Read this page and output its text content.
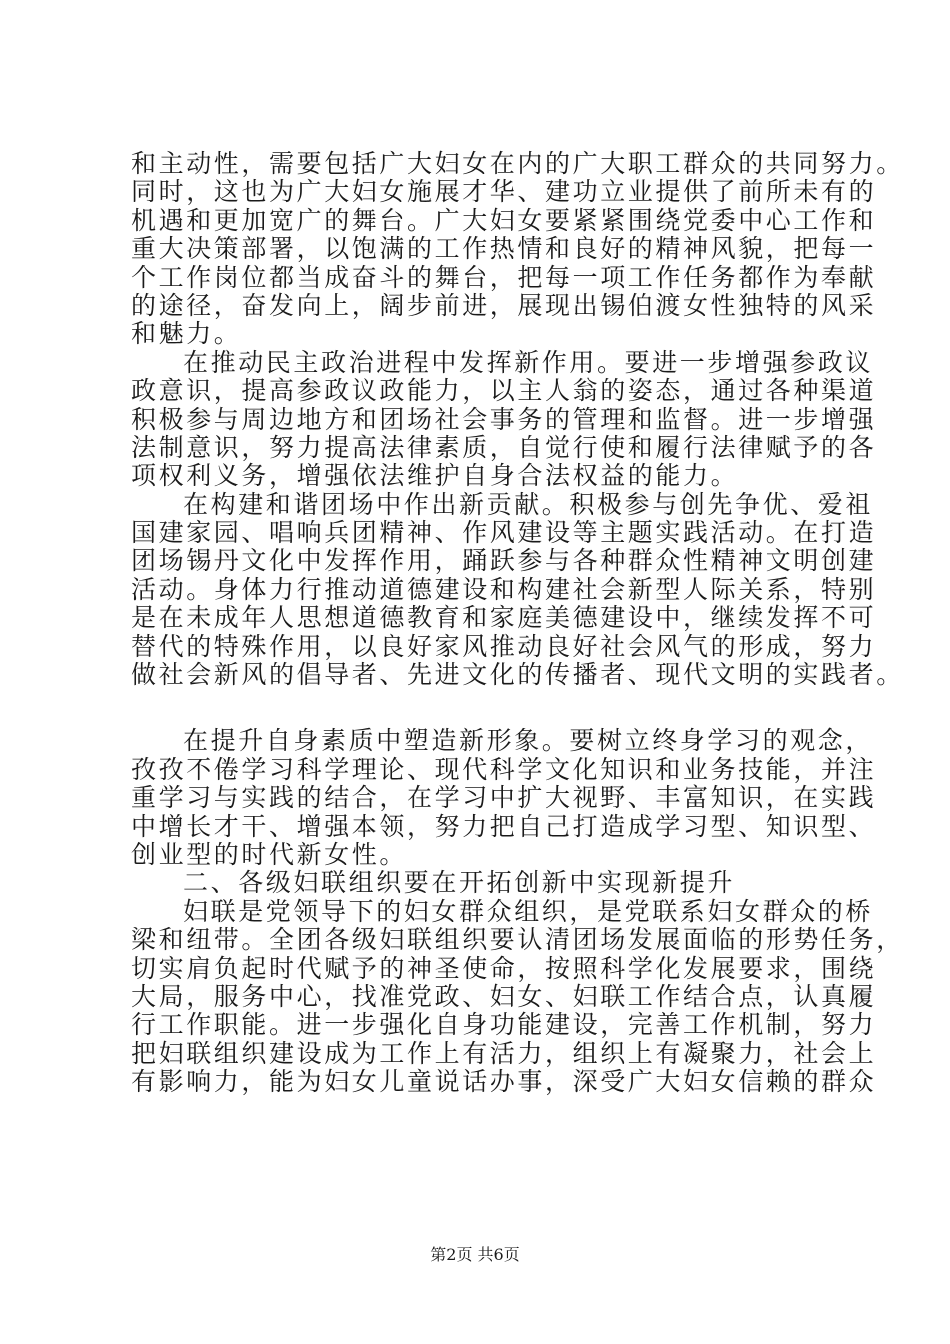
和主动性，需要包括广大妇女在内的广大职工群众的共同努力。
同时，这也为广大妇女施展才华、建功立业提供了前所未有的
机遇和更加宽广的舞台。广大妇女要紧紧围绕党委中心工作和
重大决策部署，以饱满的工作热情和良好的精神风貌，把每一
个工作岗位都当成奋斗的舞台，把每一项工作任务都作为奉献
的途径，奋发向上，阔步前进，展现出锡伯渡女性独特的风采
和魅力。
在推动民主政治进程中发挥新作用。要进一步增强参政议
政意识，提高参政议政能力，以主人翁的姿态，通过各种渠道
积极参与周边地方和团场社会事务的管理和监督。进一步增强
法制意识，努力提高法律素质，自觉行使和履行法律赋予的各
项权利义务，增强依法维护自身合法权益的能力。
在构建和谐团场中作出新贡献。积极参与创先争优、爱祖
国建家园、唱响兵团精神、作风建设等主题实践活动。在打造
团场锡丹文化中发挥作用，踊跃参与各种群众性精神文明创建
活动。身体力行推动道德建设和构建社会新型人际关系，特别
是在未成年人思想道德教育和家庭美德建设中，继续发挥不可
替代的特殊作用，以良好家风推动良好社会风气的形成，努力
做社会新风的倡导者、先进文化的传播者、现代文明的实践者。
在提升自身素质中塑造新形象。要树立终身学习的观念，
孜孜不倦学习科学理论、现代科学文化知识和业务技能，并注
重学习与实践的结合，在学习中扩大视野、丰富知识，在实践
中增长才干、增强本领，努力把自己打造成学习型、知识型、
创业型的时代新女性。
二、各级妇联组织要在开拓创新中实现新提升
妇联是党领导下的妇女群众组织，是党联系妇女群众的桥
梁和纽带。全团各级妇联组织要认清团场发展面临的形势任务，
切实肩负起时代赋予的神圣使命，按照科学化发展要求，围绕
大局，服务中心，找准党政、妇女、妇联工作结合点，认真履
行工作职能。进一步强化自身功能建设，完善工作机制，努力
把妇联组织建设成为工作上有活力，组织上有凝聚力，社会上
有影响力，能为妇女儿童说话办事，深受广大妇女信赖的群众
第2页 共6页
